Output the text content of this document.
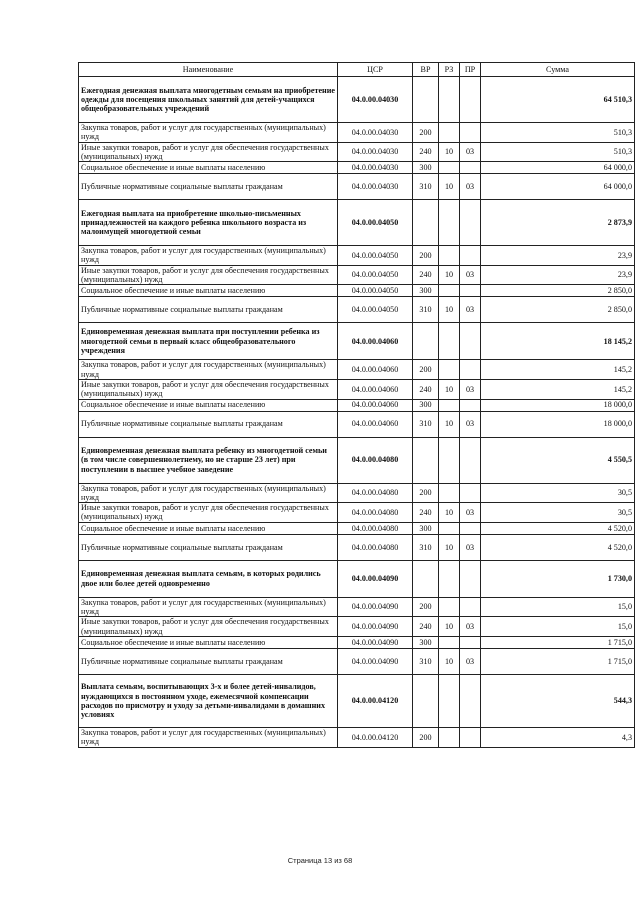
Наименование	ЦСР	ВР	РЗ	ПР	Сумма
Ежегодная денежная выплата многодетным семьям на приобретение одежды для посещения школьных занятий для детей-учащихся общеобразовательных учреждений	04.0.00.04030				64 510,3
Закупка товаров, работ и услуг для государственных (муниципальных) нужд	04.0.00.04030	200			510,3
Иные закупки товаров, работ и услуг для обеспечения государственных (муниципальных) нужд	04.0.00.04030	240	10	03	510,3
Социальное обеспечение и иные выплаты населению	04.0.00.04030	300			64 000,0
Публичные нормативные социальные выплаты гражданам	04.0.00.04030	310	10	03	64 000,0
Ежегодная выплата на приобретение школьно-письменных принадлежностей на каждого ребенка школьного возраста из малоимущей многодетной семьи	04.0.00.04050				2 873,9
Закупка товаров, работ и услуг для государственных (муниципальных) нужд	04.0.00.04050	200			23,9
Иные закупки товаров, работ и услуг для обеспечения государственных (муниципальных) нужд	04.0.00.04050	240	10	03	23,9
Социальное обеспечение и иные выплаты населению	04.0.00.04050	300			2 850,0
Публичные нормативные социальные выплаты гражданам	04.0.00.04050	310	10	03	2 850,0
Единовременная денежная выплата при поступлении ребенка из многодетной семьи в первый класс общеобразовательного учреждения	04.0.00.04060				18 145,2
Закупка товаров, работ и услуг для государственных (муниципальных) нужд	04.0.00.04060	200			145,2
Иные закупки товаров, работ и услуг для обеспечения государственных (муниципальных) нужд	04.0.00.04060	240	10	03	145,2
Социальное обеспечение и иные выплаты населению	04.0.00.04060	300			18 000,0
Публичные нормативные социальные выплаты гражданам	04.0.00.04060	310	10	03	18 000,0
Единовременная денежная выплата ребенку из многодетной семьи (в том числе совершеннолетнему, но не старше 23 лет) при поступлении в высшее учебное заведение	04.0.00.04080				4 550,5
Закупка товаров, работ и услуг для государственных (муниципальных) нужд	04.0.00.04080	200			30,5
Иные закупки товаров, работ и услуг для обеспечения государственных (муниципальных) нужд	04.0.00.04080	240	10	03	30,5
Социальное обеспечение и иные выплаты населению	04.0.00.04080	300			4 520,0
Публичные нормативные социальные выплаты гражданам	04.0.00.04080	310	10	03	4 520,0
Единовременная денежная выплата семьям, в которых родились двое или более детей одновременно	04.0.00.04090				1 730,0
Закупка товаров, работ и услуг для государственных (муниципальных) нужд	04.0.00.04090	200			15,0
Иные закупки товаров, работ и услуг для обеспечения государственных (муниципальных) нужд	04.0.00.04090	240	10	03	15,0
Социальное обеспечение и иные выплаты населению	04.0.00.04090	300			1 715,0
Публичные нормативные социальные выплаты гражданам	04.0.00.04090	310	10	03	1 715,0
Выплата семьям, воспитывающих 3-х и более детей-инвалидов, нуждающихся в постоянном уходе, ежемесячной компенсации расходов по присмотру и уходу за детьми-инвалидами в домашних условиях	04.0.00.04120				544,3
Закупка товаров, работ и услуг для государственных (муниципальных) нужд	04.0.00.04120	200			4,3
Страница 13 из 68
